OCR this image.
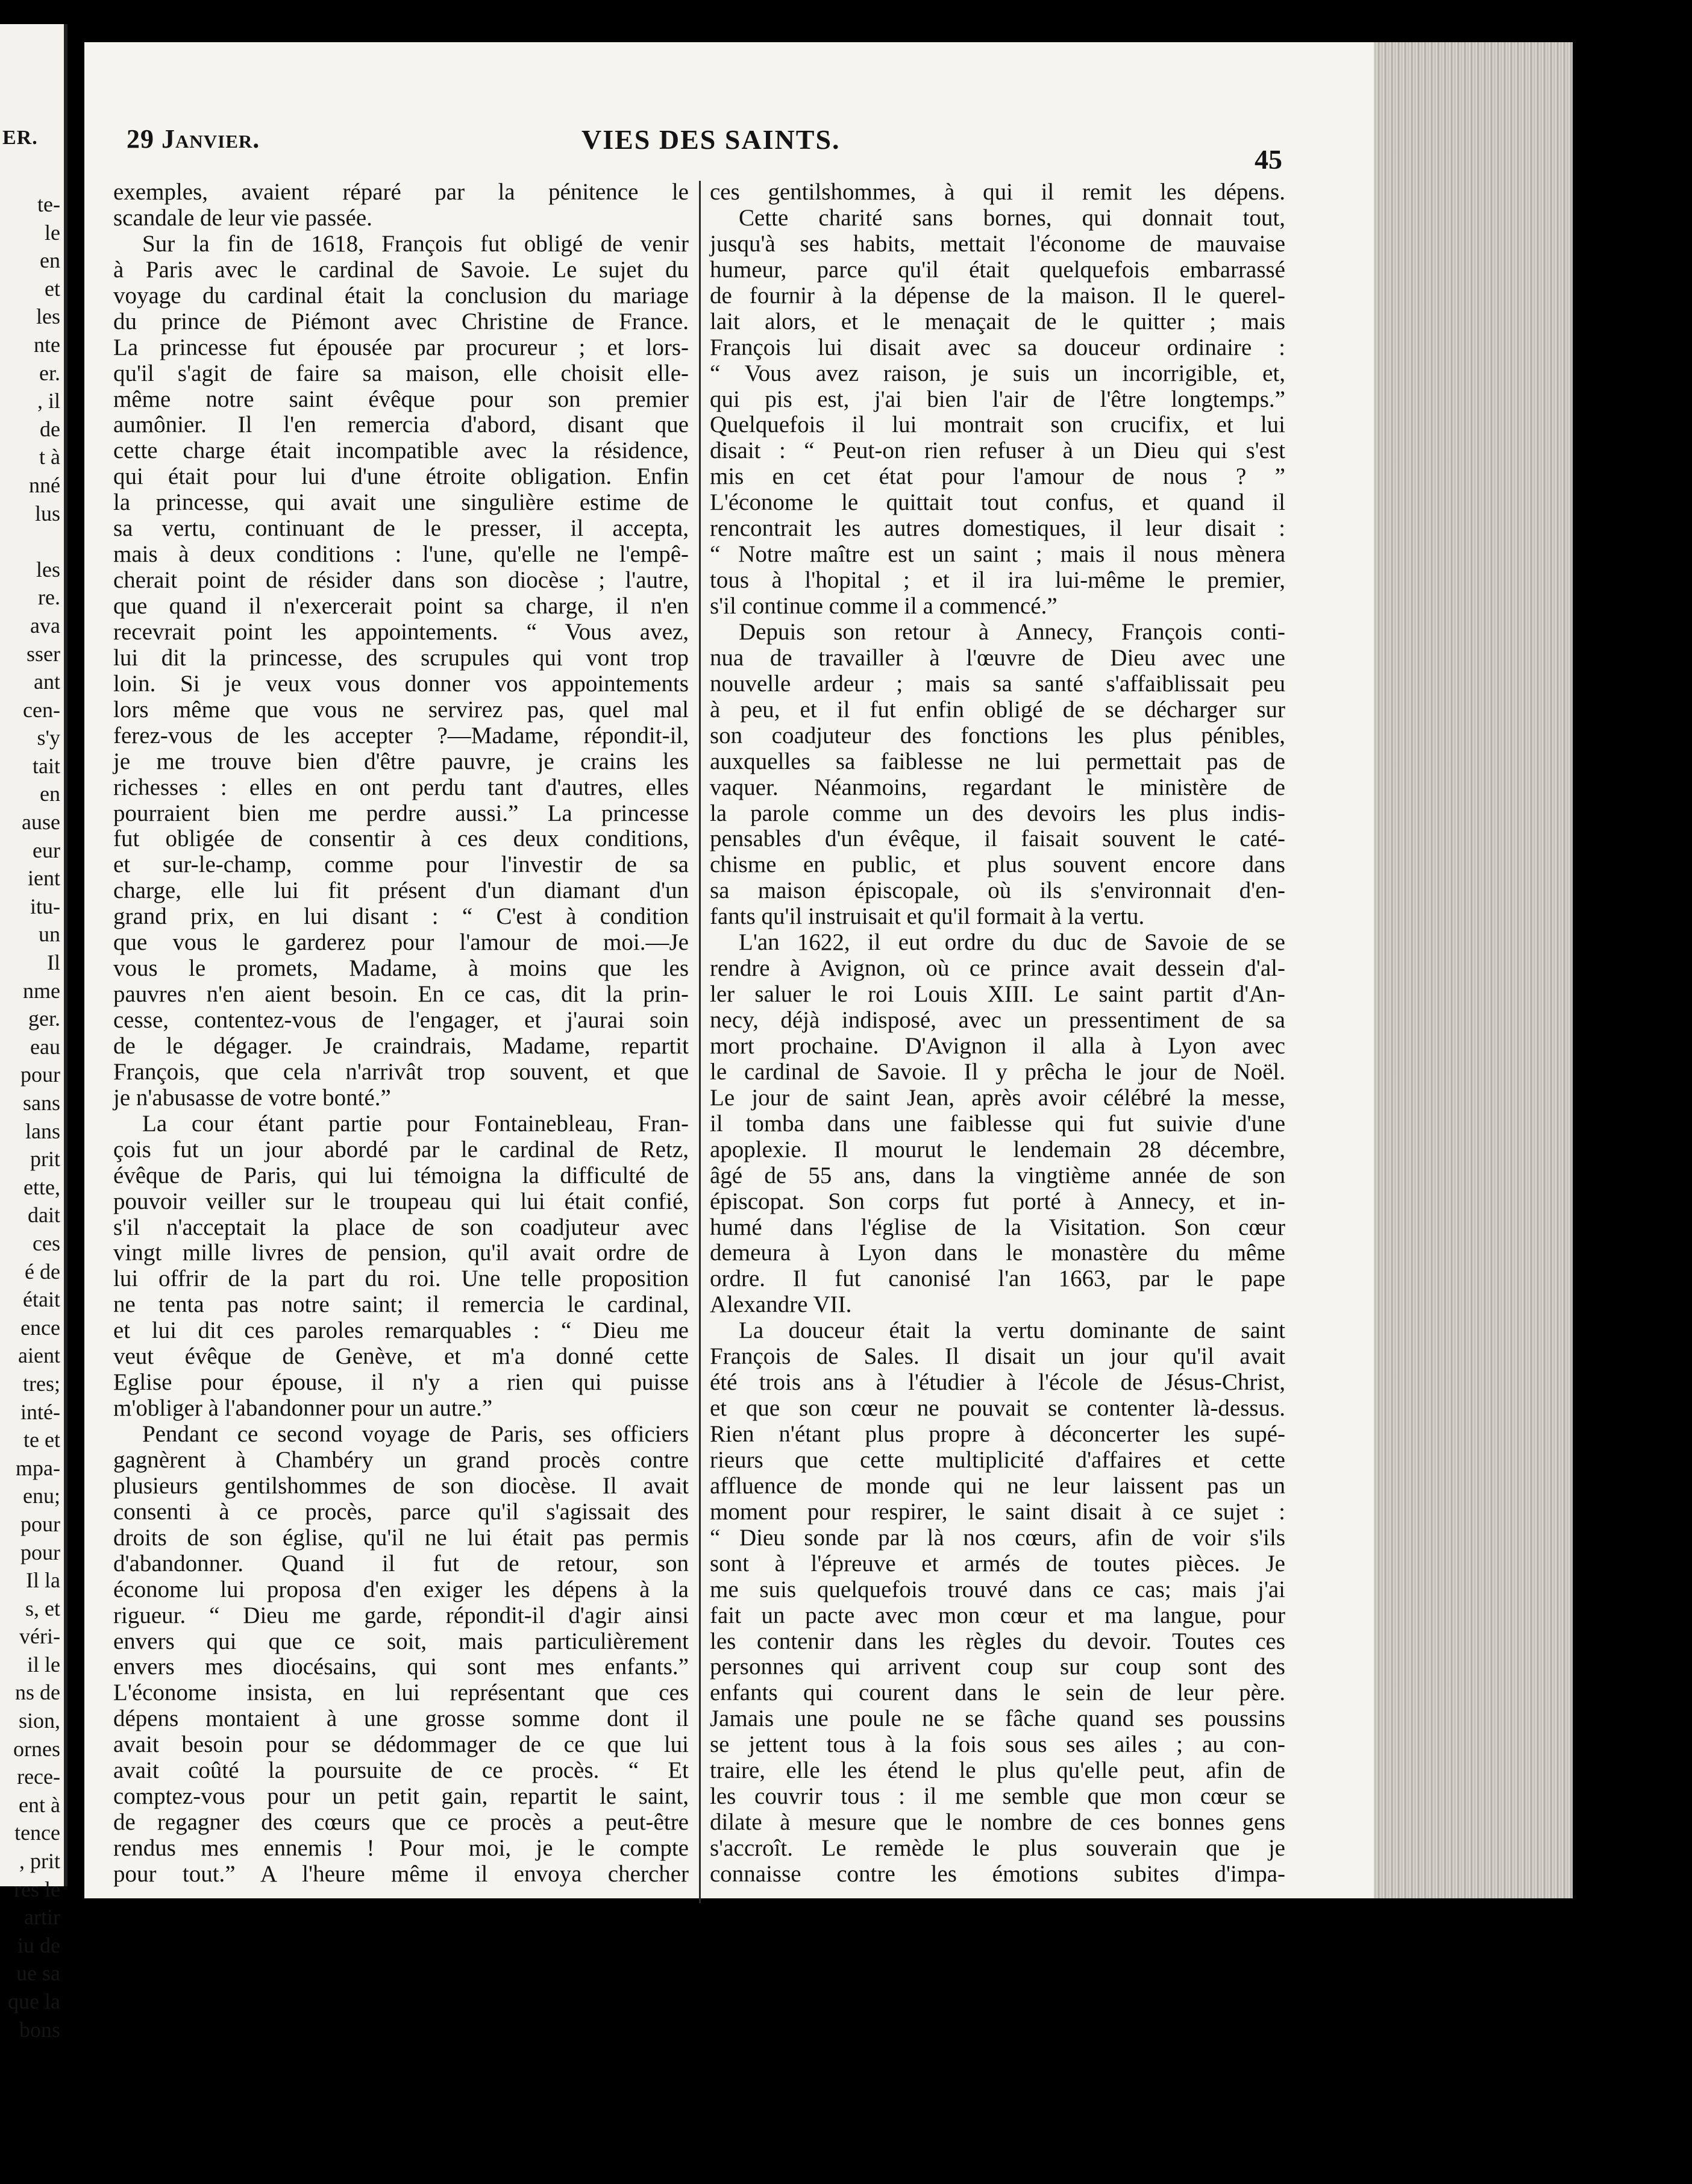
ER.
te-
le
en
et
les
nte
er.
, il
de
t à
nné
lus

les
re.
ava
sser
ant
cen-
s'y
tait
en
ause
eur
ient
itu-
un
Il
nme
ger.
eau
pour
sans
lans
prit
ette,
dait
ces
é de
était
ence
aient
tres;
inté-
te et
mpa-
enu;
pour
pour
Il la
s, et
véri-
il le
ns de
sion,
ornes
rece-
ent à
tence
, prit
res le
artir
iu de
ue sa
que la
bons
29 Janvier.	VIES DES SAINTS.
45
exemples, avaient réparé par la pénitence le
scandale de leur vie passée.
Sur la fin de 1618, François fut obligé de venir
à Paris avec le cardinal de Savoie. Le sujet du
voyage du cardinal était la conclusion du mariage
du prince de Piémont avec Christine de France.
La princesse fut épousée par procureur ; et lors-
qu'il s'agit de faire sa maison, elle choisit elle-
même notre saint évêque pour son premier
aumônier. Il l'en remercia d'abord, disant que
cette charge était incompatible avec la résidence,
qui était pour lui d'une étroite obligation. Enfin
la princesse, qui avait une singulière estime de
sa vertu, continuant de le presser, il accepta,
mais à deux conditions : l'une, qu'elle ne l'empê-
cherait point de résider dans son diocèse ; l'autre,
que quand il n'exercerait point sa charge, il n'en
recevrait point les appointements. “ Vous avez,
lui dit la princesse, des scrupules qui vont trop
loin. Si je veux vous donner vos appointements
lors même que vous ne servirez pas, quel mal
ferez-vous de les accepter ?—Madame, répondit-il,
je me trouve bien d'être pauvre, je crains les
richesses : elles en ont perdu tant d'autres, elles
pourraient bien me perdre aussi.” La princesse
fut obligée de consentir à ces deux conditions,
et sur-le-champ, comme pour l'investir de sa
charge, elle lui fit présent d'un diamant d'un
grand prix, en lui disant : “ C'est à condition
que vous le garderez pour l'amour de moi.—Je
vous le promets, Madame, à moins que les
pauvres n'en aient besoin. En ce cas, dit la prin-
cesse, contentez-vous de l'engager, et j'aurai soin
de le dégager. Je craindrais, Madame, repartit
François, que cela n'arrivât trop souvent, et que
je n'abusasse de votre bonté.”
La cour étant partie pour Fontainebleau, Fran-
çois fut un jour abordé par le cardinal de Retz,
évêque de Paris, qui lui témoigna la difficulté de
pouvoir veiller sur le troupeau qui lui était confié,
s'il n'acceptait la place de son coadjuteur avec
vingt mille livres de pension, qu'il avait ordre de
lui offrir de la part du roi. Une telle proposition
ne tenta pas notre saint; il remercia le cardinal,
et lui dit ces paroles remarquables : “ Dieu me
veut évêque de Genève, et m'a donné cette
Eglise pour épouse, il n'y a rien qui puisse
m'obliger à l'abandonner pour un autre.”
Pendant ce second voyage de Paris, ses officiers
gagnèrent à Chambéry un grand procès contre
plusieurs gentilshommes de son diocèse. Il avait
consenti à ce procès, parce qu'il s'agissait des
droits de son église, qu'il ne lui était pas permis
d'abandonner. Quand il fut de retour, son
économe lui proposa d'en exiger les dépens à la
rigueur. “ Dieu me garde, répondit-il d'agir ainsi
envers qui que ce soit, mais particulièrement
envers mes diocésains, qui sont mes enfants.”
L'économe insista, en lui représentant que ces
dépens montaient à une grosse somme dont il
avait besoin pour se dédommager de ce que lui
avait coûté la poursuite de ce procès. “ Et
comptez-vous pour un petit gain, repartit le saint,
de regagner des cœurs que ce procès a peut-être
rendus mes ennemis ! Pour moi, je le compte
pour tout.” A l'heure même il envoya chercher
ces gentilshommes, à qui il remit les dépens.
Cette charité sans bornes, qui donnait tout,
jusqu'à ses habits, mettait l'économe de mauvaise
humeur, parce qu'il était quelquefois embarrassé
de fournir à la dépense de la maison. Il le querel-
lait alors, et le menaçait de le quitter ; mais
François lui disait avec sa douceur ordinaire :
“ Vous avez raison, je suis un incorrigible, et,
qui pis est, j'ai bien l'air de l'être longtemps.”
Quelquefois il lui montrait son crucifix, et lui
disait : “ Peut-on rien refuser à un Dieu qui s'est
mis en cet état pour l'amour de nous ? ”
L'économe le quittait tout confus, et quand il
rencontrait les autres domestiques, il leur disait :
“ Notre maître est un saint ; mais il nous mènera
tous à l'hopital ; et il ira lui-même le premier,
s'il continue comme il a commencé.”
Depuis son retour à Annecy, François conti-
nua de travailler à l'œuvre de Dieu avec une
nouvelle ardeur ; mais sa santé s'affaiblissait peu
à peu, et il fut enfin obligé de se décharger sur
son coadjuteur des fonctions les plus pénibles,
auxquelles sa faiblesse ne lui permettait pas de
vaquer. Néanmoins, regardant le ministère de
la parole comme un des devoirs les plus indis-
pensables d'un évêque, il faisait souvent le caté-
chisme en public, et plus souvent encore dans
sa maison épiscopale, où ils s'environnait d'en-
fants qu'il instruisait et qu'il formait à la vertu.
L'an 1622, il eut ordre du duc de Savoie de se
rendre à Avignon, où ce prince avait dessein d'al-
ler saluer le roi Louis XIII. Le saint partit d'An-
necy, déjà indisposé, avec un pressentiment de sa
mort prochaine. D'Avignon il alla à Lyon avec
le cardinal de Savoie. Il y prêcha le jour de Noël.
Le jour de saint Jean, après avoir célébré la messe,
il tomba dans une faiblesse qui fut suivie d'une
apoplexie. Il mourut le lendemain 28 décembre,
âgé de 55 ans, dans la vingtième année de son
épiscopat. Son corps fut porté à Annecy, et in-
humé dans l'église de la Visitation. Son cœur
demeura à Lyon dans le monastère du même
ordre. Il fut canonisé l'an 1663, par le pape
Alexandre VII.
La douceur était la vertu dominante de saint
François de Sales. Il disait un jour qu'il avait
été trois ans à l'étudier à l'école de Jésus-Christ,
et que son cœur ne pouvait se contenter là-dessus.
Rien n'étant plus propre à déconcerter les supé-
rieurs que cette multiplicité d'affaires et cette
affluence de monde qui ne leur laissent pas un
moment pour respirer, le saint disait à ce sujet :
“ Dieu sonde par là nos cœurs, afin de voir s'ils
sont à l'épreuve et armés de toutes pièces. Je
me suis quelquefois trouvé dans ce cas; mais j'ai
fait un pacte avec mon cœur et ma langue, pour
les contenir dans les règles du devoir. Toutes ces
personnes qui arrivent coup sur coup sont des
enfants qui courent dans le sein de leur père.
Jamais une poule ne se fâche quand ses poussins
se jettent tous à la fois sous ses ailes ; au con-
traire, elle les étend le plus qu'elle peut, afin de
les couvrir tous : il me semble que mon cœur se
dilate à mesure que le nombre de ces bonnes gens
s'accroît. Le remède le plus souverain que je
connaisse contre les émotions subites d'impa-
